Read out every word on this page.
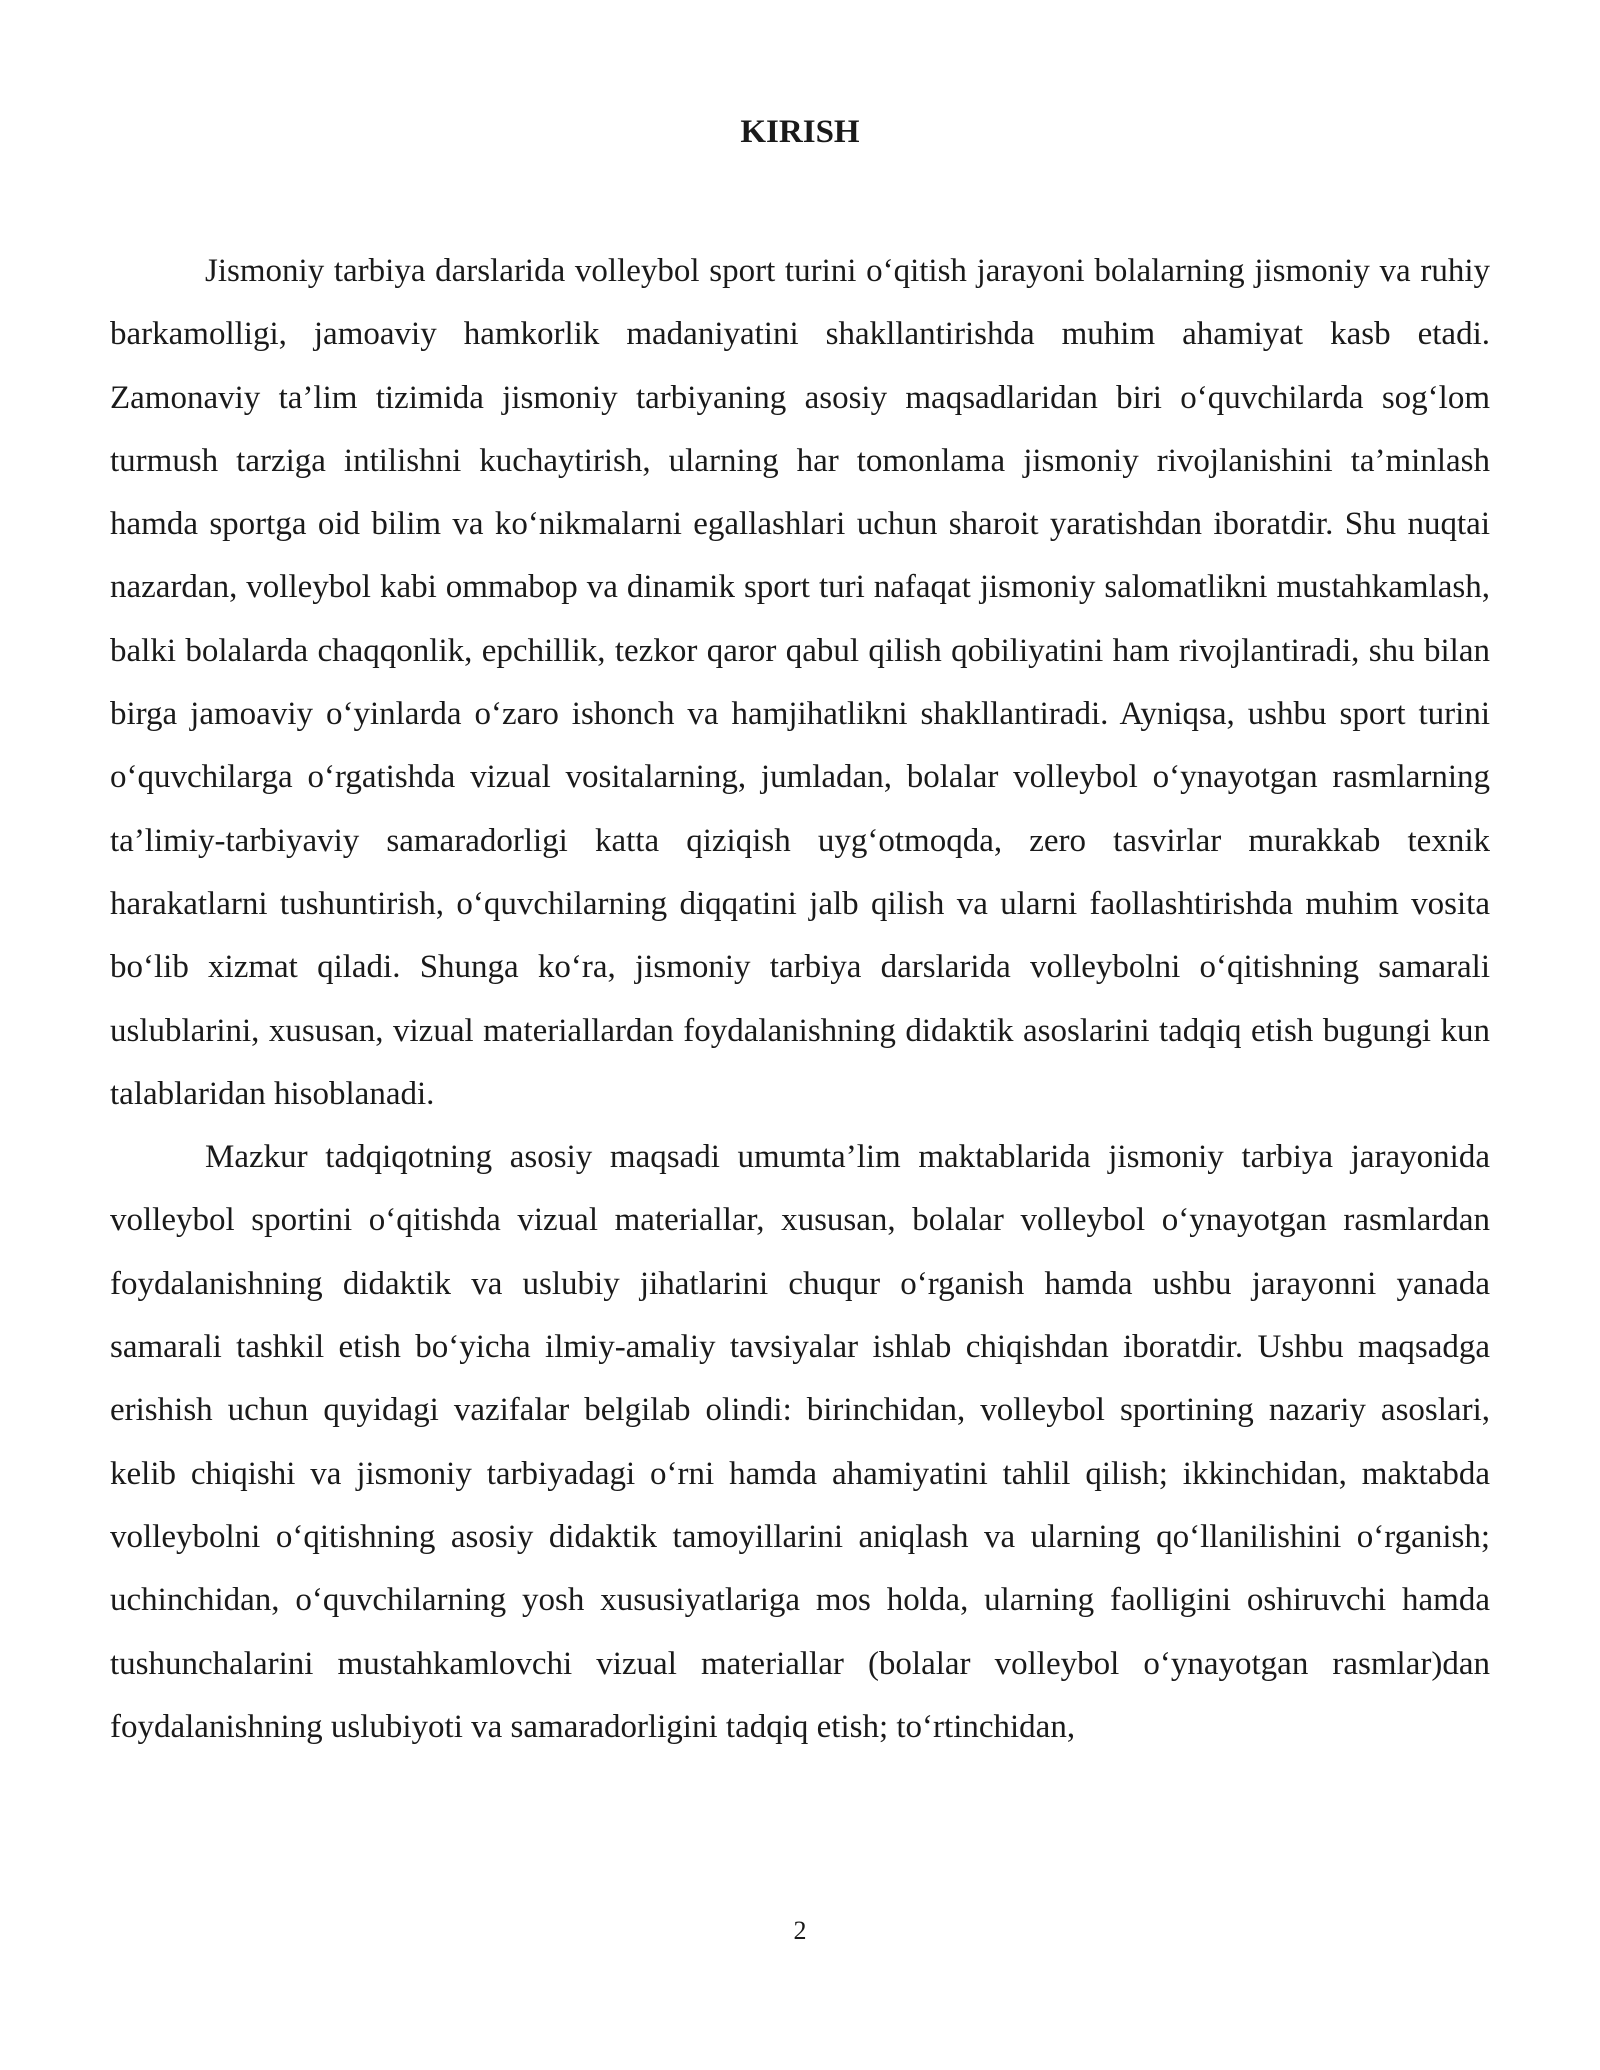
KIRISH

Jismoniy tarbiya darslarida volleybol sport turini o‘qitish jarayoni bolalarning jismoniy va ruhiy barkamolligi, jamoaviy hamkorlik madaniyatini shakllantirishda muhim ahamiyat kasb etadi. Zamonaviy ta’lim tizimida jismoniy tarbiyaning asosiy maqsadlaridan biri o‘quvchilarda sog‘lom turmush tarziga intilishni kuchaytirish, ularning har tomonlama jismoniy rivojlanishini ta’minlash hamda sportga oid bilim va ko‘nikmalarni egallashlari uchun sharoit yaratishdan iboratdir. Shu nuqtai nazardan, volleybol kabi ommabop va dinamik sport turi nafaqat jismoniy salomatlikni mustahkamlash, balki bolalarda chaqqonlik, epchillik, tezkor qaror qabul qilish qobiliyatini ham rivojlantiradi, shu bilan birga jamoaviy o‘yinlarda o‘zaro ishonch va hamjihatlikni shakllantiradi. Ayniqsa, ushbu sport turini o‘quvchilarga o‘rgatishda vizual vositalarning, jumladan, bolalar volleybol o‘ynayotgan rasmlarning ta’limiy-tarbiyaviy samaradorligi katta qiziqish uyg‘otmoqda, zero tasvirlar murakkab texnik harakatlarni tushuntirish, o‘quvchilarning diqqatini jalb qilish va ularni faollashtirishda muhim vosita bo‘lib xizmat qiladi. Shunga ko‘ra, jismoniy tarbiya darslarida volleybolni o‘qitishning samarali uslublarini, xususan, vizual materiallardan foydalanishning didaktik asoslarini tadqiq etish bugungi kun talablaridan hisoblanadi.

Mazkur tadqiqotning asosiy maqsadi umumta’lim maktablarida jismoniy tarbiya jarayonida volleybol sportini o‘qitishda vizual materiallar, xususan, bolalar volleybol o‘ynayotgan rasmlardan foydalanishning didaktik va uslubiy jihatlarini chuqur o‘rganish hamda ushbu jarayonni yanada samarali tashkil etish bo‘yicha ilmiy-amaliy tavsiyalar ishlab chiqishdan iboratdir. Ushbu maqsadga erishish uchun quyidagi vazifalar belgilab olindi: birinchidan, volleybol sportining nazariy asoslari, kelib chiqishi va jismoniy tarbiyadagi o‘rni hamda ahamiyatini tahlil qilish; ikkinchidan, maktabda volleybolni o‘qitishning asosiy didaktik tamoyillarini aniqlash va ularning qo‘llanilishini o‘rganish; uchinchidan, o‘quvchilarning yosh xususiyatlariga mos holda, ularning faolligini oshiruvchi hamda tushunchalarini mustahkamlovchi vizual materiallar (bolalar volleybol o‘ynayotgan rasmlar)dan foydalanishning uslubiyoti va samaradorligini tadqiq etish; to‘rtinchidan,

2
